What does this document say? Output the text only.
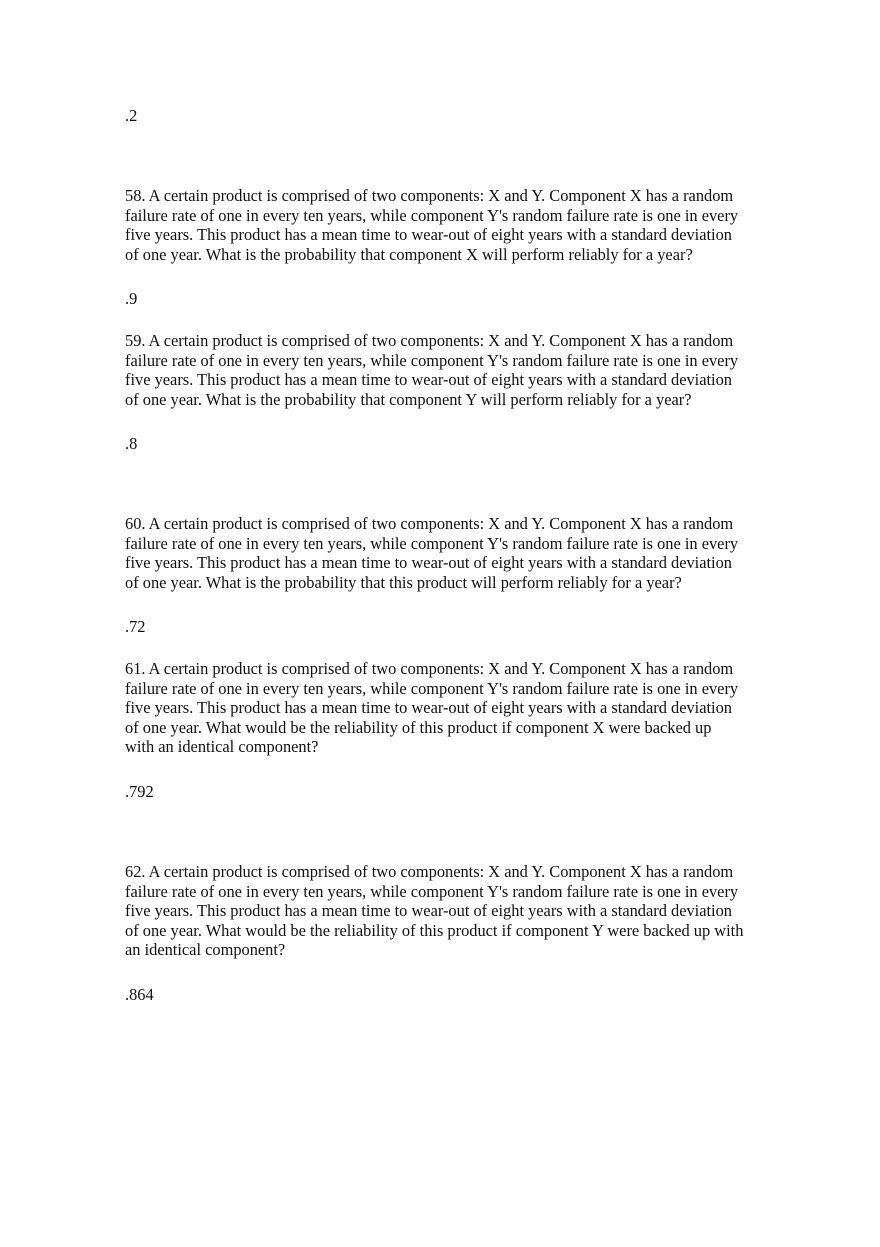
.2

58. A certain product is comprised of two components: X and Y. Component X has a random
failure rate of one in every ten years, while component Y's random failure rate is one in every
five years. This product has a mean time to wear-out of eight years with a standard deviation
of one year. What is the probability that component X will perform reliably for a year?

.9

59. A certain product is comprised of two components: X and Y. Component X has a random
failure rate of one in every ten years, while component Y's random failure rate is one in every
five years. This product has a mean time to wear-out of eight years with a standard deviation
of one year. What is the probability that component Y will perform reliably for a year?

.8

60. A certain product is comprised of two components: X and Y. Component X has a random
failure rate of one in every ten years, while component Y's random failure rate is one in every
five years. This product has a mean time to wear-out of eight years with a standard deviation
of one year. What is the probability that this product will perform reliably for a year?

.72

61. A certain product is comprised of two components: X and Y. Component X has a random
failure rate of one in every ten years, while component Y's random failure rate is one in every
five years. This product has a mean time to wear-out of eight years with a standard deviation
of one year. What would be the reliability of this product if component X were backed up
with an identical component?

.792

62. A certain product is comprised of two components: X and Y. Component X has a random
failure rate of one in every ten years, while component Y's random failure rate is one in every
five years. This product has a mean time to wear-out of eight years with a standard deviation
of one year. What would be the reliability of this product if component Y were backed up with
an identical component?

.864
